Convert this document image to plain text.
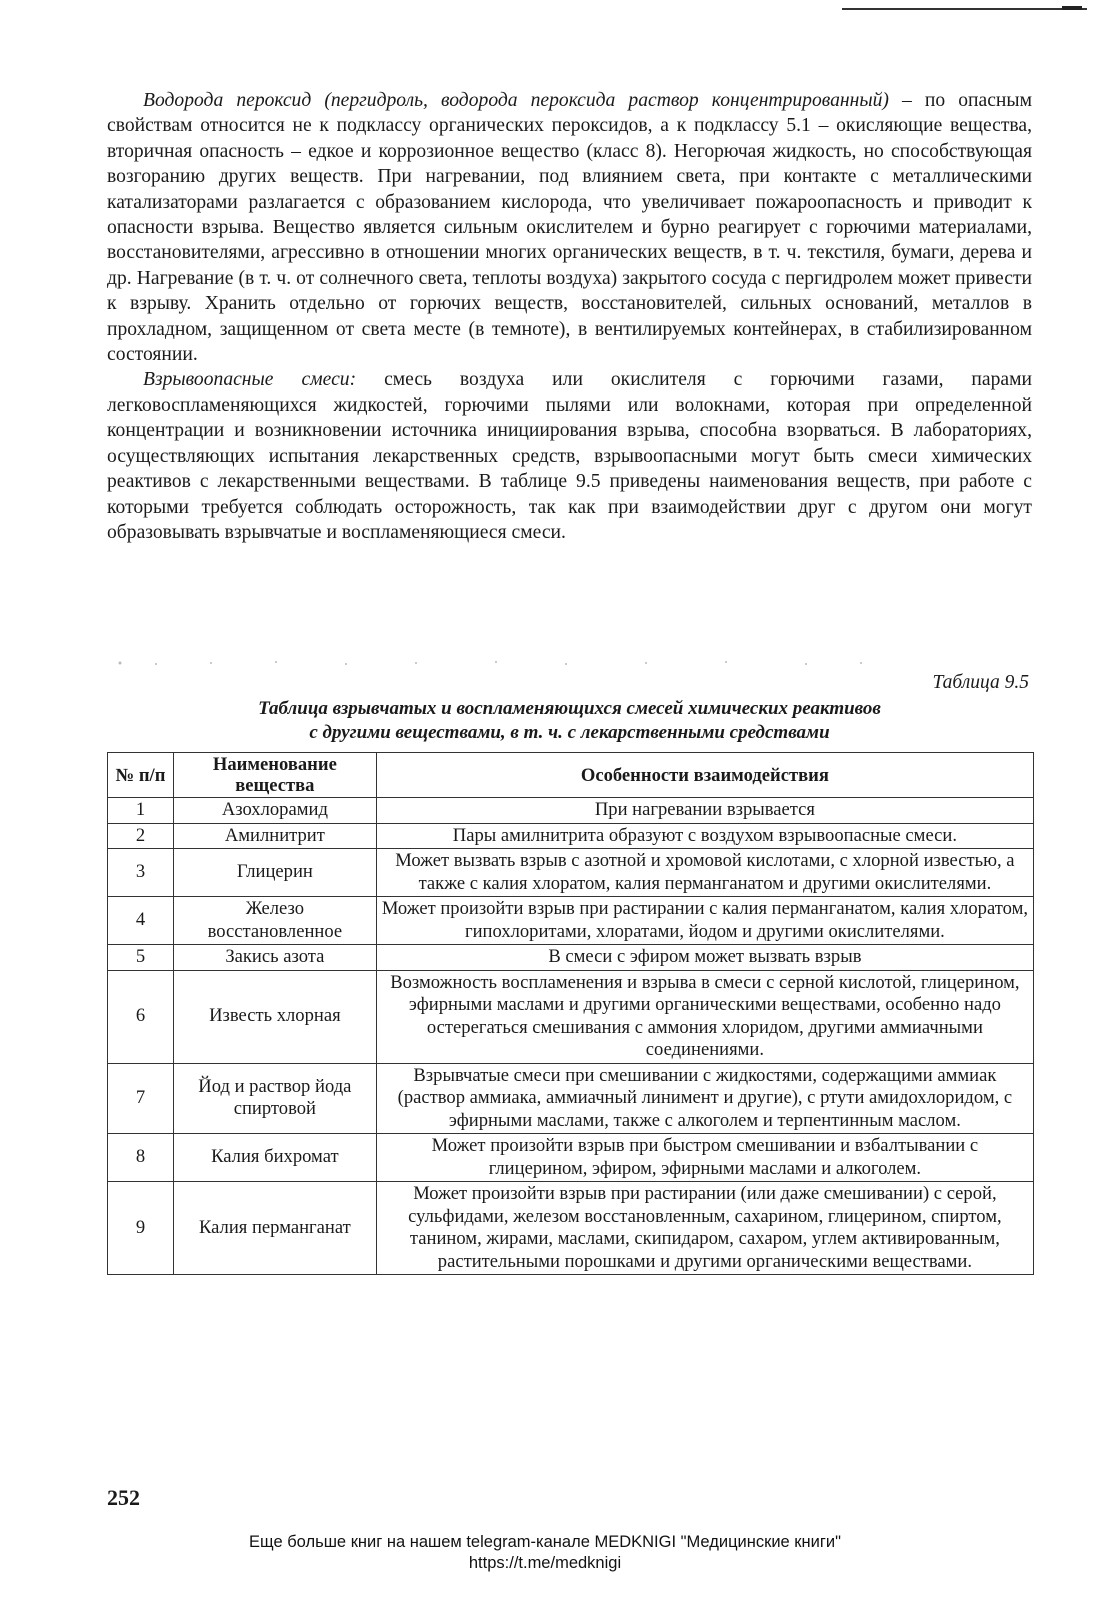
Водорода пероксид (пергидроль, водорода пероксида раствор концентрированный) – по опасным свойствам относится не к подклассу органических пероксидов, а к подклассу 5.1 – окисляющие вещества, вторичная опасность – едкое и коррозионное вещество (класс 8). Негорючая жидкость, но способствующая возгоранию других веществ. При нагревании, под влиянием света, при контакте с металлическими катализаторами разлагается с образованием кислорода, что увеличивает пожароопасность и приводит к опасности взрыва. Вещество является сильным окислителем и бурно реагирует с горючими материалами, восстановителями, агрессивно в отношении многих органических веществ, в т. ч. текстиля, бумаги, дерева и др. Нагревание (в т. ч. от солнечного света, теплоты воздуха) закрытого сосуда с пергидролем может привести к взрыву. Хранить отдельно от горючих веществ, восстановителей, сильных оснований, металлов в прохладном, защищенном от света месте (в темноте), в вентилируемых контейнерах, в стабилизированном состоянии.

Взрывоопасные смеси: смесь воздуха или окислителя с горючими газами, парами легковоспламеняющихся жидкостей, горючими пылями или волокнами, которая при определенной концентрации и возникновении источника инициирования взрыва, способна взорваться. В лабораториях, осуществляющих испытания лекарственных средств, взрывоопасными могут быть смеси химических реактивов с лекарственными веществами. В таблице 9.5 приведены наименования веществ, при работе с которыми требуется соблюдать осторожность, так как при взаимодействии друг с другом они могут образовывать взрывчатые и воспламеняющиеся смеси.

Таблица 9.5
Таблица взрывчатых и воспламеняющихся смесей химических реактивов
с другими веществами, в т. ч. с лекарственными средствами
№ п/п	Наименование вещества	Особенности взаимодействия
1	Азохлорамид	При нагревании взрывается
2	Амилнитрит	Пары амилнитрита образуют с воздухом взрывоопасные смеси.
3	Глицерин	Может вызвать взрыв с азотной и хромовой кислотами, с хлорной известью, а также с калия хлоратом, калия перманганатом и другими окислителями.
4	Железо восстановленное	Может произойти взрыв при растирании с калия перманганатом, калия хлоратом, гипохлоритами, хлоратами, йодом и другими окислителями.
5	Закись азота	В смеси с эфиром может вызвать взрыв
6	Известь хлорная	Возможность воспламенения и взрыва в смеси с серной кислотой, глицерином, эфирными маслами и другими органическими веществами, особенно надо остерегаться смешивания с аммония хлоридом, другими аммиачными соединениями.
7	Йод и раствор йода спиртовой	Взрывчатые смеси при смешивании с жидкостями, содержащими аммиак (раствор аммиака, аммиачный линимент и другие), с ртути амидохлоридом, с эфирными маслами, также с алкоголем и терпентинным маслом.
8	Калия бихромат	Может произойти взрыв при быстром смешивании и взбалтывании с глицерином, эфиром, эфирными маслами и алкоголем.
9	Калия перманганат	Может произойти взрыв при растирании (или даже смешивании) с серой, сульфидами, железом восстановленным, сахарином, глицерином, спиртом, танином, жирами, маслами, скипидаром, сахаром, углем активированным, растительными порошками и другими органическими веществами.
252
Еще больше книг на нашем telegram-канале MEDKNIGI "Медицинские книги"
https://t.me/medknigi
